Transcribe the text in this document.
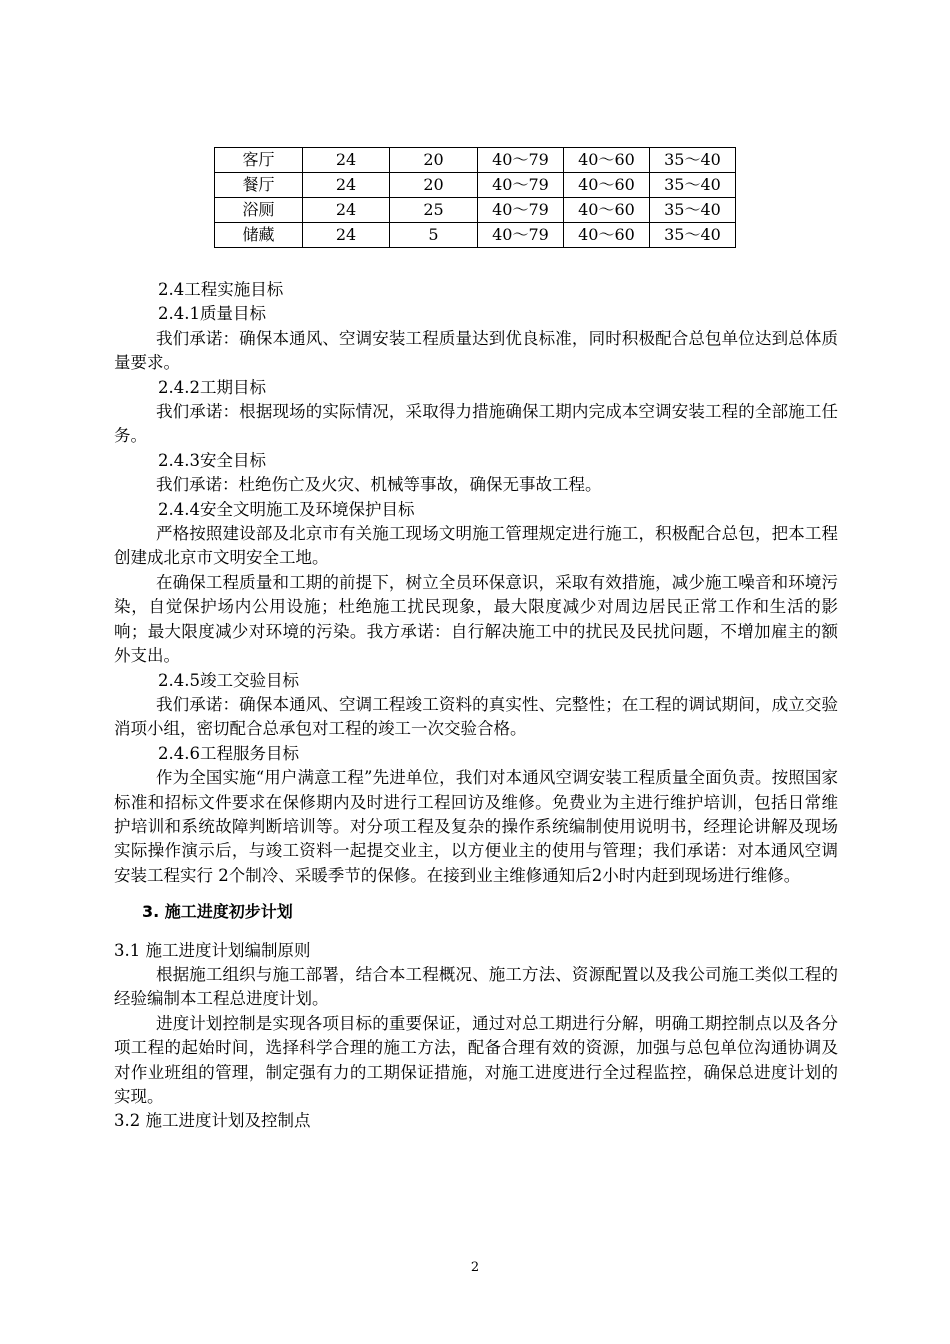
客厅	24	20	40～79	40～60	35～40
餐厅	24	20	40～79	40～60	35～40
浴厕	24	25	40～79	40～60	35～40
储藏	24	5	40～79	40～60	35～40

2.4工程实施目标

2.4.1质量目标

我们承诺：确保本通风、空调安装工程质量达到优良标准，同时积极配合总包单位达到总体质量要求。

2.4.2工期目标

我们承诺：根据现场的实际情况，采取得力措施确保工期内完成本空调安装工程的全部施工任务。

2.4.3安全目标

我们承诺：杜绝伤亡及火灾、机械等事故，确保无事故工程。

2.4.4安全文明施工及环境保护目标

严格按照建设部及北京市有关施工现场文明施工管理规定进行施工，积极配合总包，把本工程创建成北京市文明安全工地。

在确保工程质量和工期的前提下，树立全员环保意识，采取有效措施，减少施工噪音和环境污染，自觉保护场内公用设施；杜绝施工扰民现象，最大限度减少对周边居民正常工作和生活的影响；最大限度减少对环境的污染。我方承诺：自行解决施工中的扰民及民扰问题，不增加雇主的额外支出。

2.4.5竣工交验目标

我们承诺：确保本通风、空调工程竣工资料的真实性、完整性；在工程的调试期间，成立交验消项小组，密切配合总承包对工程的竣工一次交验合格。

2.4.6工程服务目标

作为全国实施“用户满意工程”先进单位，我们对本通风空调安装工程质量全面负责。按照国家标准和招标文件要求在保修期内及时进行工程回访及维修。免费业为主进行维护培训，包括日常维护培训和系统故障判断培训等。对分项工程及复杂的操作系统编制使用说明书，经理论讲解及现场实际操作演示后，与竣工资料一起提交业主，以方便业主的使用与管理；我们承诺：对本通风空调安装工程实行 2个制冷、采暖季节的保修。在接到业主维修通知后2小时内赶到现场进行维修。

3. 施工进度初步计划

3.1 施工进度计划编制原则

根据施工组织与施工部署，结合本工程概况、施工方法、资源配置以及我公司施工类似工程的经验编制本工程总进度计划。

进度计划控制是实现各项目标的重要保证，通过对总工期进行分解，明确工期控制点以及各分项工程的起始时间，选择科学合理的施工方法，配备合理有效的资源，加强与总包单位沟通协调及对作业班组的管理，制定强有力的工期保证措施，对施工进度进行全过程监控，确保总进度计划的实现。

3.2 施工进度计划及控制点

2
